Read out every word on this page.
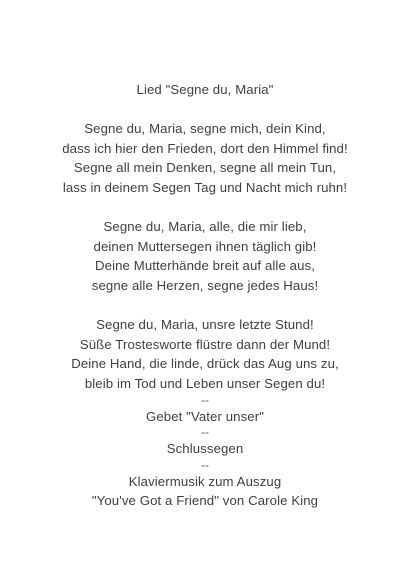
Lied "Segne du, Maria"
Segne du, Maria, segne mich, dein Kind,
dass ich hier den Frieden, dort den Himmel find!
Segne all mein Denken, segne all mein Tun,
lass in deinem Segen Tag und Nacht mich ruhn!
Segne du, Maria, alle, die mir lieb,
deinen Muttersegen ihnen täglich gib!
Deine Mutterhände breit auf alle aus,
segne alle Herzen, segne jedes Haus!
Segne du, Maria, unsre letzte Stund!
Süße Trostesworte flüstre dann der Mund!
Deine Hand, die linde, drück das Aug uns zu,
bleib im Tod und Leben unser Segen du!
--
Gebet "Vater unser"
--
Schlussegen
--
Klaviermusik zum Auszug
"You've Got a Friend" von Carole King
